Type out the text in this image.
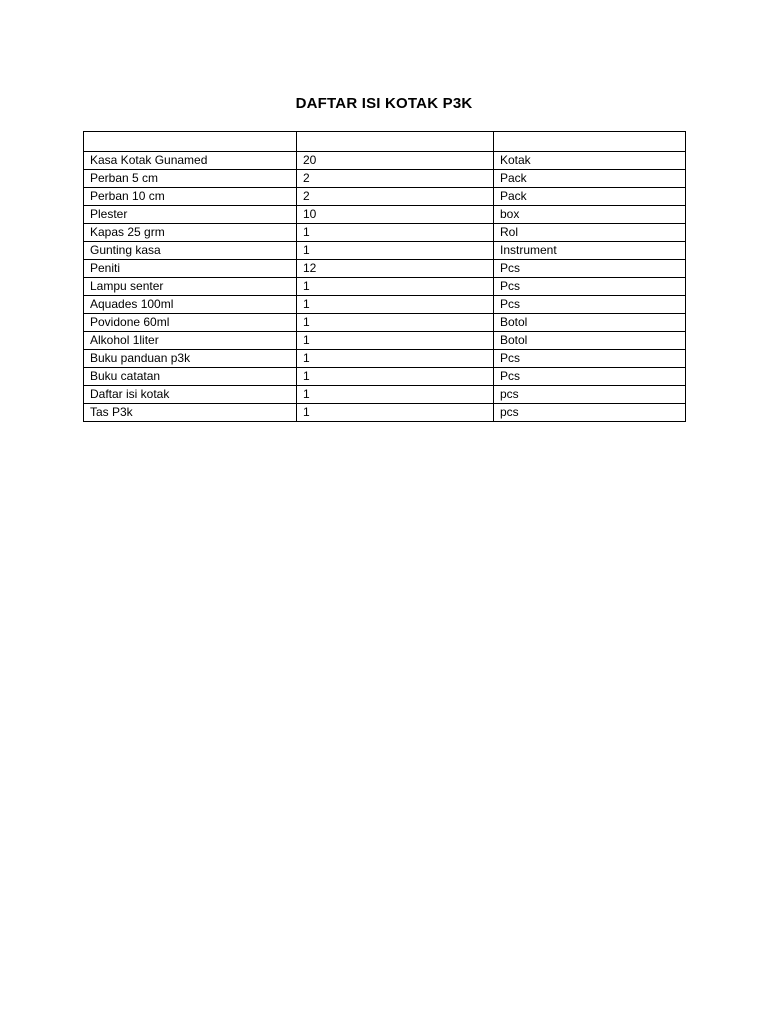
DAFTAR ISI KOTAK P3K

Kasa Kotak Gunamed	20	Kotak
Perban 5 cm	2	Pack
Perban 10 cm	2	Pack
Plester	10	box
Kapas 25 grm	1	Rol
Gunting kasa	1	Instrument
Peniti	12	Pcs
Lampu senter	1	Pcs
Aquades 100ml	1	Pcs
Povidone 60ml	1	Botol
Alkohol 1liter	1	Botol
Buku panduan p3k	1	Pcs
Buku catatan	1	Pcs
Daftar isi kotak	1	pcs
Tas P3k	1	pcs
